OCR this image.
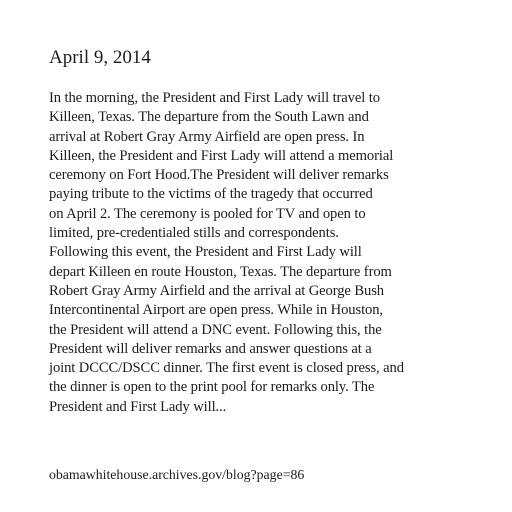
April 9, 2014
In the morning, the President and First Lady will travel to
Killeen, Texas. The departure from the South Lawn and
arrival at Robert Gray Army Airfield are open press. In
Killeen, the President and First Lady will attend a memorial
ceremony on Fort Hood.The President will deliver remarks
paying tribute to the victims of the tragedy that occurred
on April 2. The ceremony is pooled for TV and open to
limited, pre-credentialed stills and correspondents.
Following this event, the President and First Lady will
depart Killeen en route Houston, Texas. The departure from
Robert Gray Army Airfield and the arrival at George Bush
Intercontinental Airport are open press. While in Houston,
the President will attend a DNC event. Following this, the
President will deliver remarks and answer questions at a
joint DCCC/DSCC dinner. The first event is closed press, and
the dinner is open to the print pool for remarks only. The
President and First Lady will...

obamawhitehouse.archives.gov/blog?page=86
